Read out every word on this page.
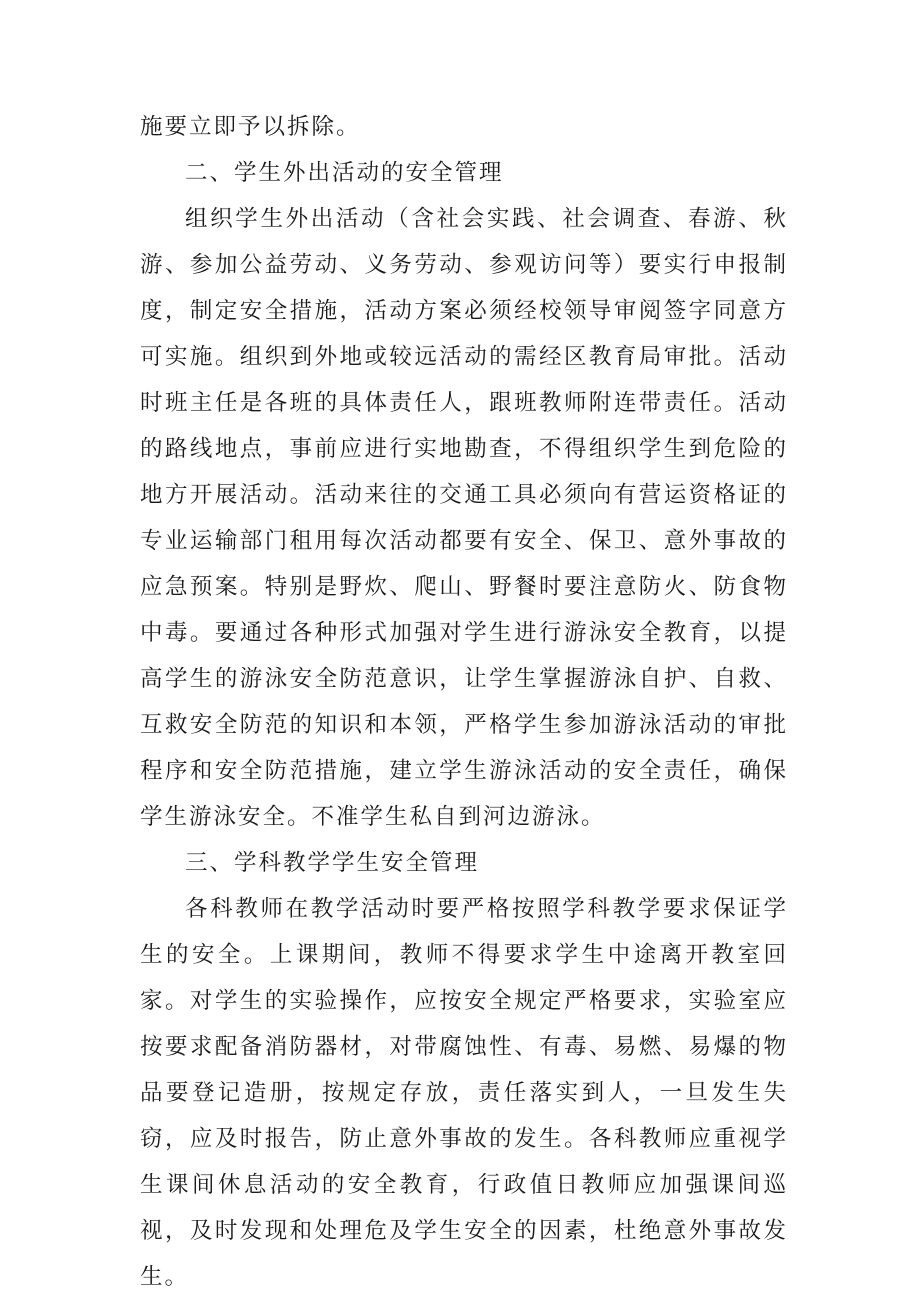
施要立即予以拆除。

二、学生外出活动的安全管理

组织学生外出活动（含社会实践、社会调查、春游、秋游、参加公益劳动、义务劳动、参观访问等）要实行申报制度，制定安全措施，活动方案必须经校领导审阅签字同意方可实施。组织到外地或较远活动的需经区教育局审批。活动时班主任是各班的具体责任人，跟班教师附连带责任。活动的路线地点，事前应进行实地勘查，不得组织学生到危险的地方开展活动。活动来往的交通工具必须向有营运资格证的专业运输部门租用每次活动都要有安全、保卫、意外事故的应急预案。特别是野炊、爬山、野餐时要注意防火、防食物中毒。要通过各种形式加强对学生进行游泳安全教育，以提高学生的游泳安全防范意识，让学生掌握游泳自护、自救、互救安全防范的知识和本领，严格学生参加游泳活动的审批程序和安全防范措施，建立学生游泳活动的安全责任，确保学生游泳安全。不准学生私自到河边游泳。

三、学科教学学生安全管理

各科教师在教学活动时要严格按照学科教学要求保证学生的安全。上课期间，教师不得要求学生中途离开教室回家。对学生的实验操作，应按安全规定严格要求，实验室应按要求配备消防器材，对带腐蚀性、有毒、易燃、易爆的物品要登记造册，按规定存放，责任落实到人，一旦发生失窃，应及时报告，防止意外事故的发生。各科教师应重视学生课间休息活动的安全教育，行政值日教师应加强课间巡视，及时发现和处理危及学生安全的因素，杜绝意外事故发生。
